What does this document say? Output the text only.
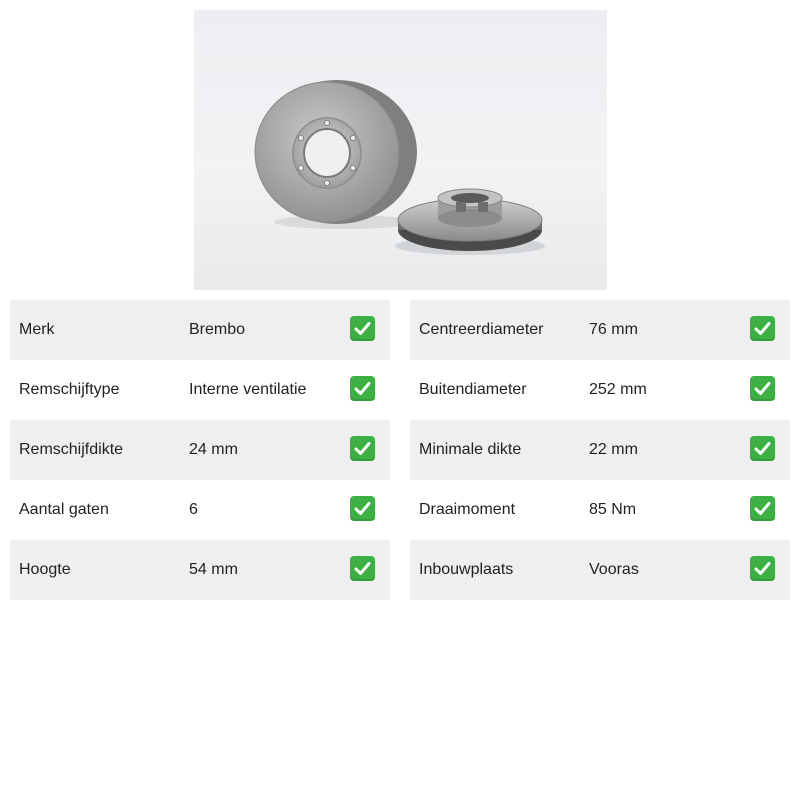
Merk	Brembo
Remschijftype	Interne ventilatie
Remschijfdikte	24 mm
Aantal gaten	6
Hoogte	54 mm
Centreerdiameter	76 mm
Buitendiameter	252 mm
Minimale dikte	22 mm
Draaimoment	85 Nm
Inbouwplaats	Vooras
